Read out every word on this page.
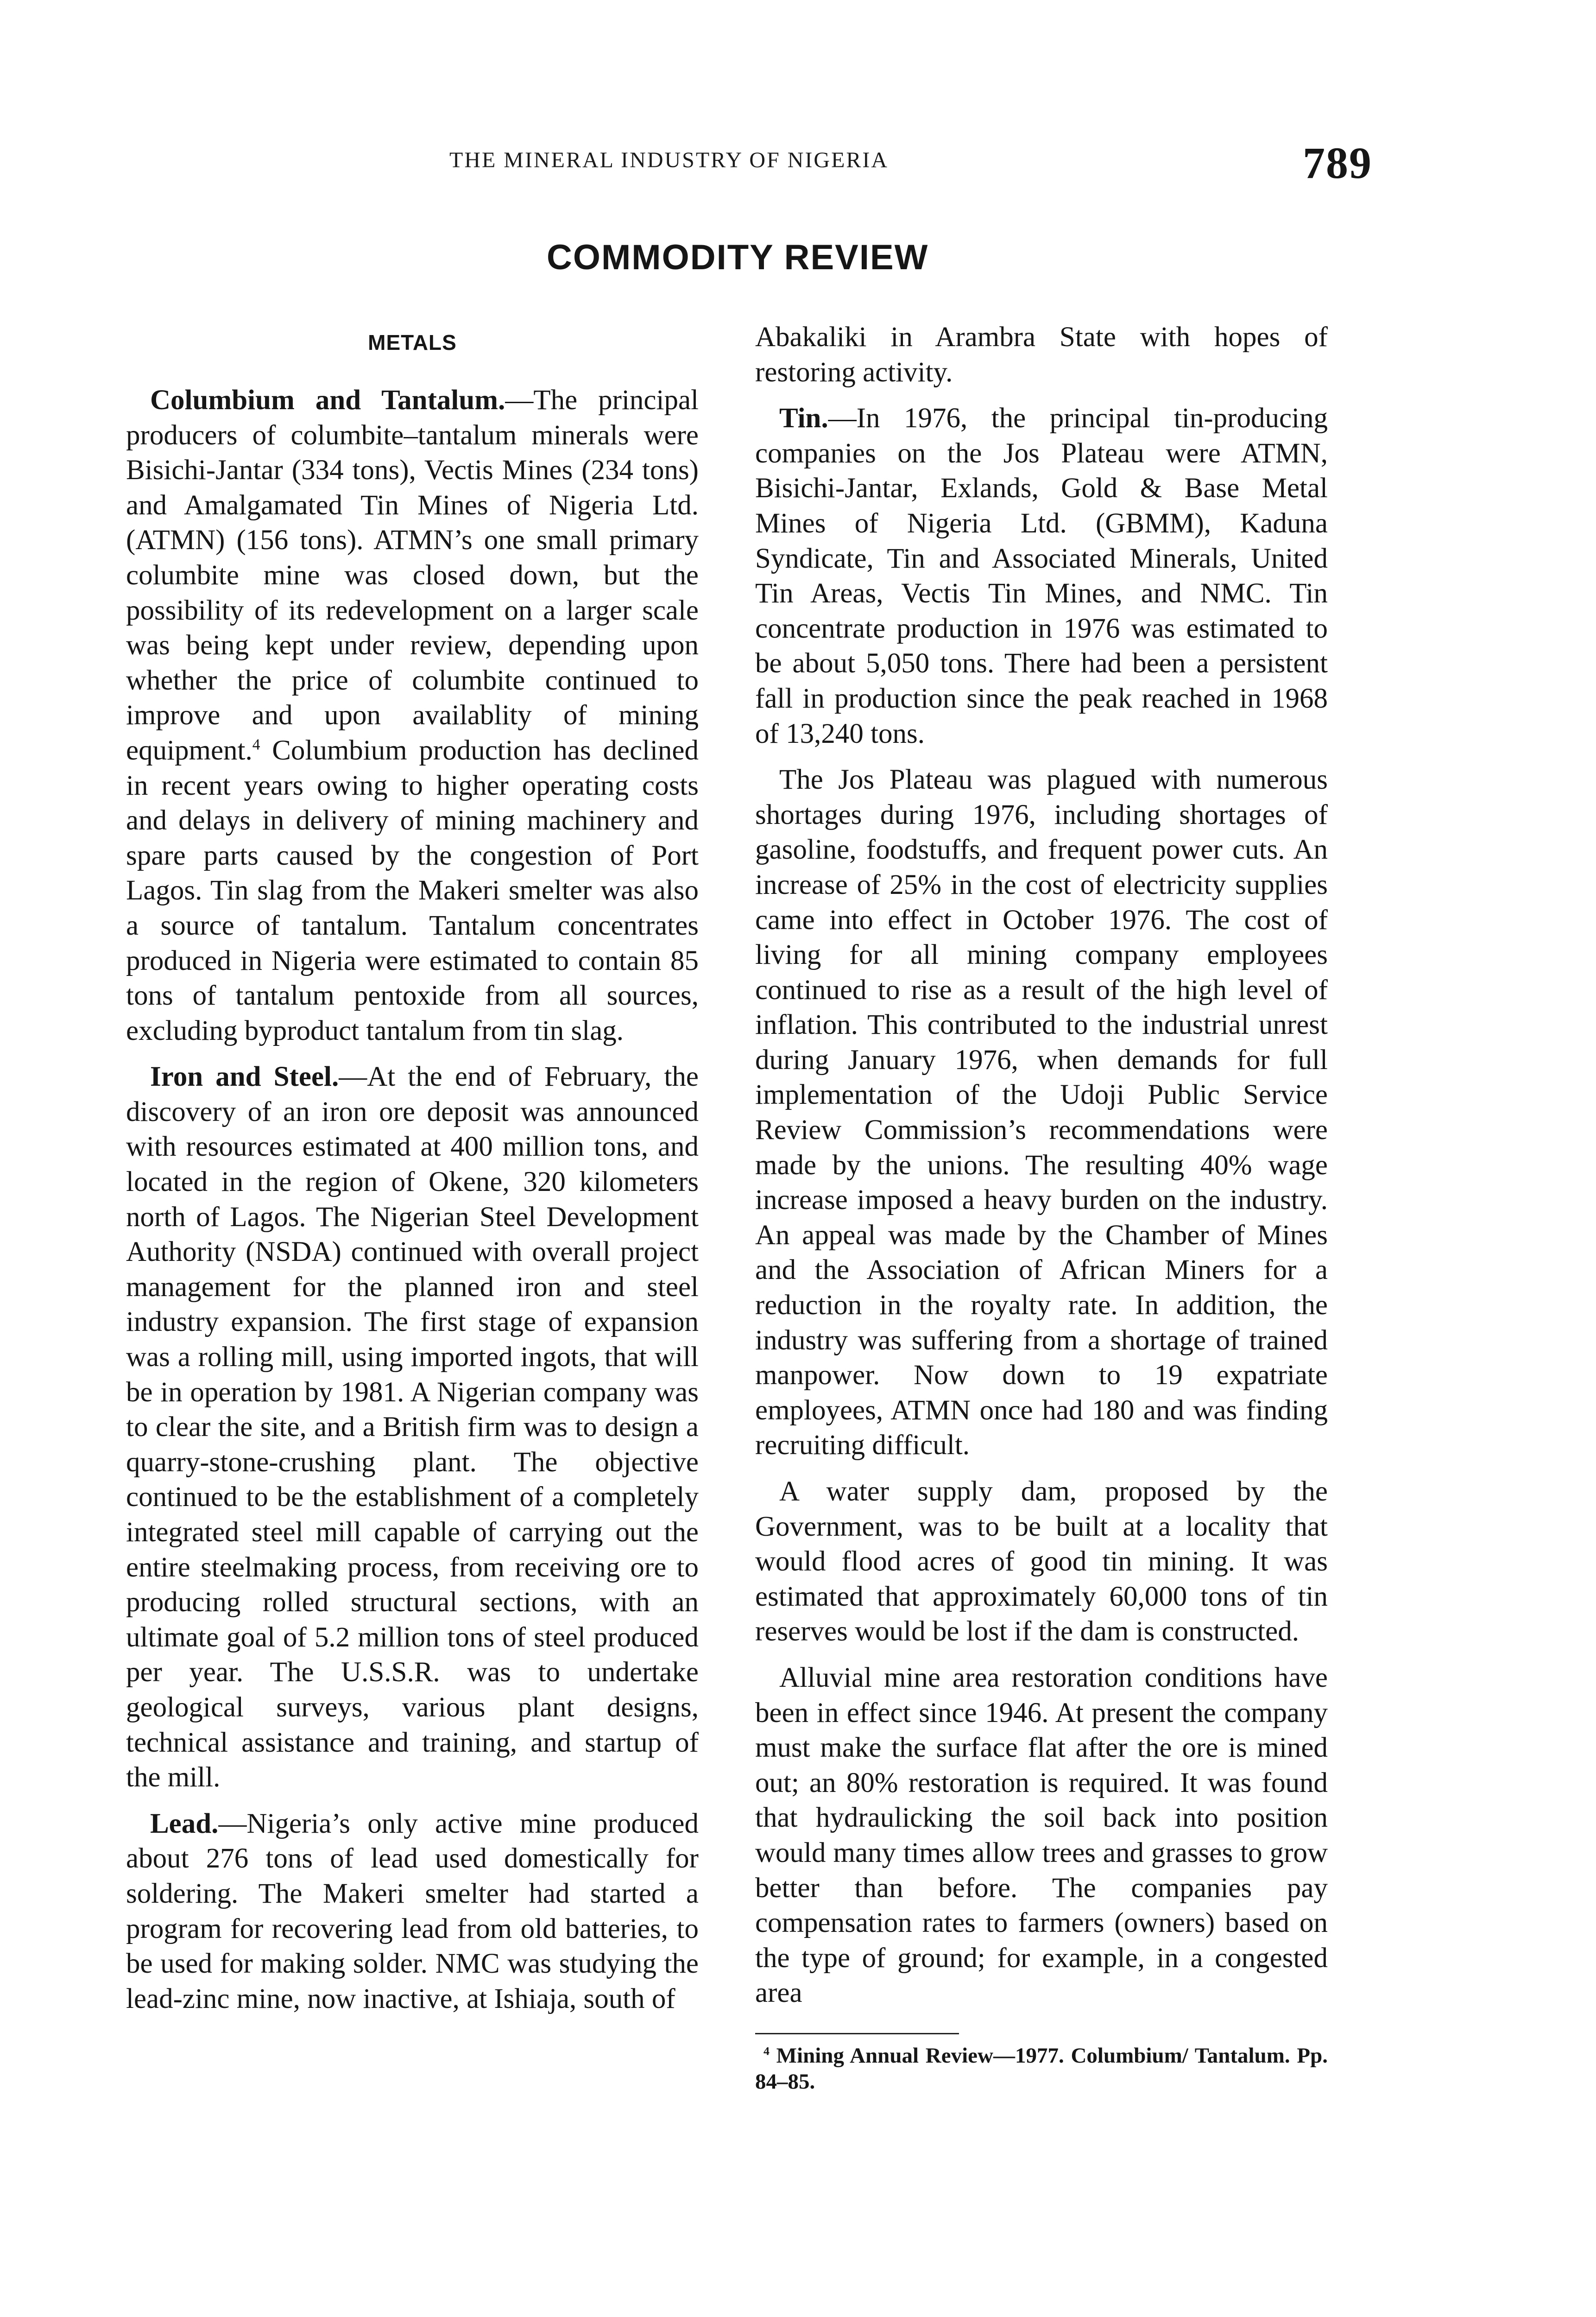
THE MINERAL INDUSTRY OF NIGERIA	789
COMMODITY REVIEW
METALS

Columbium and Tantalum.—The principal producers of columbite–tantalum minerals were Bisichi-Jantar (334 tons), Vectis Mines (234 tons) and Amalgamated Tin Mines of Nigeria Ltd. (ATMN) (156 tons). ATMN’s one small primary columbite mine was closed down, but the possibility of its redevelopment on a larger scale was being kept under review, depending upon whether the price of columbite continued to improve and upon availablity of mining equipment.$^4$ Columbium production has declined in recent years owing to higher operating costs and delays in delivery of mining machinery and spare parts caused by the congestion of Port Lagos. Tin slag from the Makeri smelter was also a source of tantalum. Tantalum concentrates produced in Nigeria were estimated to contain 85 tons of tantalum pentoxide from all sources, excluding byproduct tantalum from tin slag.

Iron and Steel.—At the end of February, the discovery of an iron ore deposit was announced with resources estimated at 400 million tons, and located in the region of Okene, 320 kilometers north of Lagos. The Nigerian Steel Development Authority (NSDA) continued with overall project management for the planned iron and steel industry expansion. The first stage of expansion was a rolling mill, using imported ingots, that will be in operation by 1981. A Nigerian company was to clear the site, and a British firm was to design a quarry-stone-crushing plant. The objective continued to be the establishment of a completely integrated steel mill capable of carrying out the entire steelmaking process, from receiving ore to producing rolled structural sections, with an ultimate goal of 5.2 million tons of steel produced per year. The U.S.S.R. was to undertake geological surveys, various plant designs, technical assistance and training, and startup of the mill.

Lead.—Nigeria’s only active mine produced about 276 tons of lead used domestically for soldering. The Makeri smelter had started a program for recovering lead from old batteries, to be used for making solder. NMC was studying the lead-zinc mine, now inactive, at Ishiaja, south of

Abakaliki in Arambra State with hopes of restoring activity.

Tin.—In 1976, the principal tin-producing companies on the Jos Plateau were ATMN, Bisichi-Jantar, Exlands, Gold & Base Metal Mines of Nigeria Ltd. (GBMM), Kaduna Syndicate, Tin and Associated Minerals, United Tin Areas, Vectis Tin Mines, and NMC. Tin concentrate production in 1976 was estimated to be about 5,050 tons. There had been a persistent fall in production since the peak reached in 1968 of 13,240 tons.

The Jos Plateau was plagued with numerous shortages during 1976, including shortages of gasoline, foodstuffs, and frequent power cuts. An increase of 25% in the cost of electricity supplies came into effect in October 1976. The cost of living for all mining company employees continued to rise as a result of the high level of inflation. This contributed to the industrial unrest during January 1976, when demands for full implementation of the Udoji Public Service Review Commission’s recommendations were made by the unions. The resulting 40% wage increase imposed a heavy burden on the industry. An appeal was made by the Chamber of Mines and the Association of African Miners for a reduction in the royalty rate. In addition, the industry was suffering from a shortage of trained manpower. Now down to 19 expatriate employees, ATMN once had 180 and was finding recruiting difficult.

A water supply dam, proposed by the Government, was to be built at a locality that would flood acres of good tin mining. It was estimated that approximately 60,000 tons of tin reserves would be lost if the dam is constructed.

Alluvial mine area restoration conditions have been in effect since 1946. At present the company must make the surface flat after the ore is mined out; an 80% restoration is required. It was found that hydraulicking the soil back into position would many times allow trees and grasses to grow better than before. The companies pay compensation rates to farmers (owners) based on the type of ground; for example, in a congested area

$^4$ Mining Annual Review—1977. Columbium/ Tantalum. Pp. 84–85.
